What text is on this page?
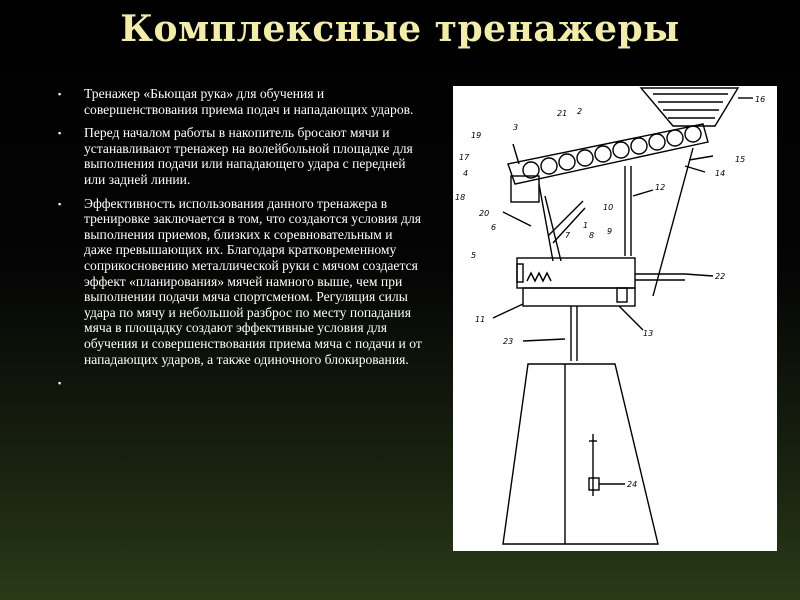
Комплексные тренажеры
▪ Тренажер «Бьющая рука» для обучения и совершенствования приема подач и нападающих ударов.
▪ Перед началом работы в накопитель бросают мячи и устанавливают тренажер на волейбольной площадке для выполнения подачи или нападающего удара с передней или задней линии.
▪ Эффективность использования данного тренажера в тренировке заключается в том, что создаются условия для выполнения приемов, близких к соревновательным и даже превышающих их. Благодаря кратковременному соприкосновению металлической руки с мячом создается эффект «планирования» мячей намного выше, чем при выполнении подачи мяча спортсменом. Регуляция силы удара по мячу и небольшой разброс по месту попадания мяча в площадку создают эффективные условия для обучения и совершенствования приема мяча с подачи и от нападающих ударов, а также одиночного блокирования.
▪
16
2
3
21
19
17
4
18
15
14
12
20
10
1
7 8 9
6
5
22
11
13
23
24
